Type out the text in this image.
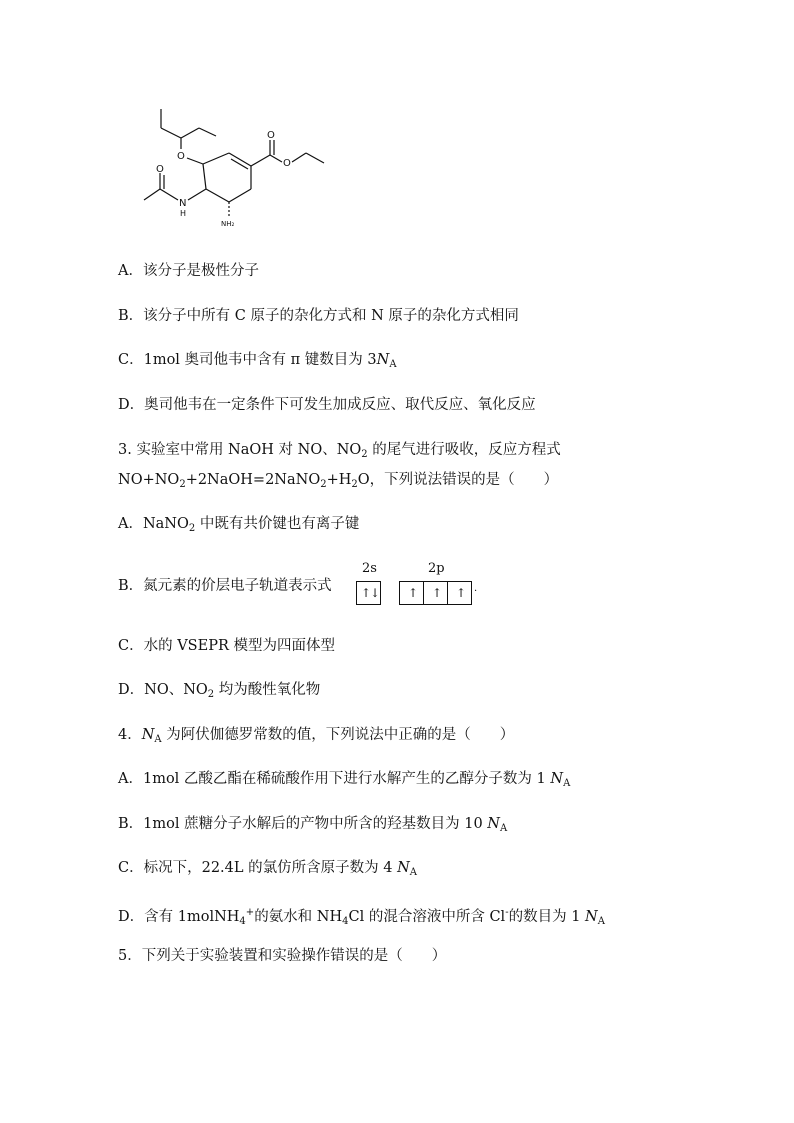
O
O
O
O
N
H
NH₂
A．该分子是极性分子
B．该分子中所有 C 原子的杂化方式和 N 原子的杂化方式相同
C．1mol 奥司他韦中含有 π 键数目为 $3N_A$
D．奥司他韦在一定条件下可发生加成反应、取代反应、氧化反应
3. 实验室中常用 NaOH 对 NO、$NO_2$ 的尾气进行吸收，反应方程式
$NO+NO_2+2NaOH=2NaNO_2+H_2O$，下列说法错误的是（　　）
A．NaNO$_2$ 中既有共价键也有离子键
B．氮元素的价层电子轨道表示式
2s	2p
↑
↓ ↑ ↑ ↑ ·
C．水的 VSEPR 模型为四面体型
D．NO、$NO_2$ 均为酸性氧化物
4．$N_A$ 为阿伏伽德罗常数的值，下列说法中正确的是（　　）
A．1mol 乙酸乙酯在稀硫酸作用下进行水解产生的乙醇分子数为 1 $N_A$
B．1mol 蔗糖分子水解后的产物中所含的羟基数目为 10 $N_A$
C．标况下，22.4L 的氯仿所含原子数为 4 $N_A$
D．含有 1molNH$_4$+的氨水和 $NH_4Cl$ 的混合溶液中所含 Cl-的数目为 1 $N_A$
5．下列关于实验装置和实验操作错误的是（　　）
